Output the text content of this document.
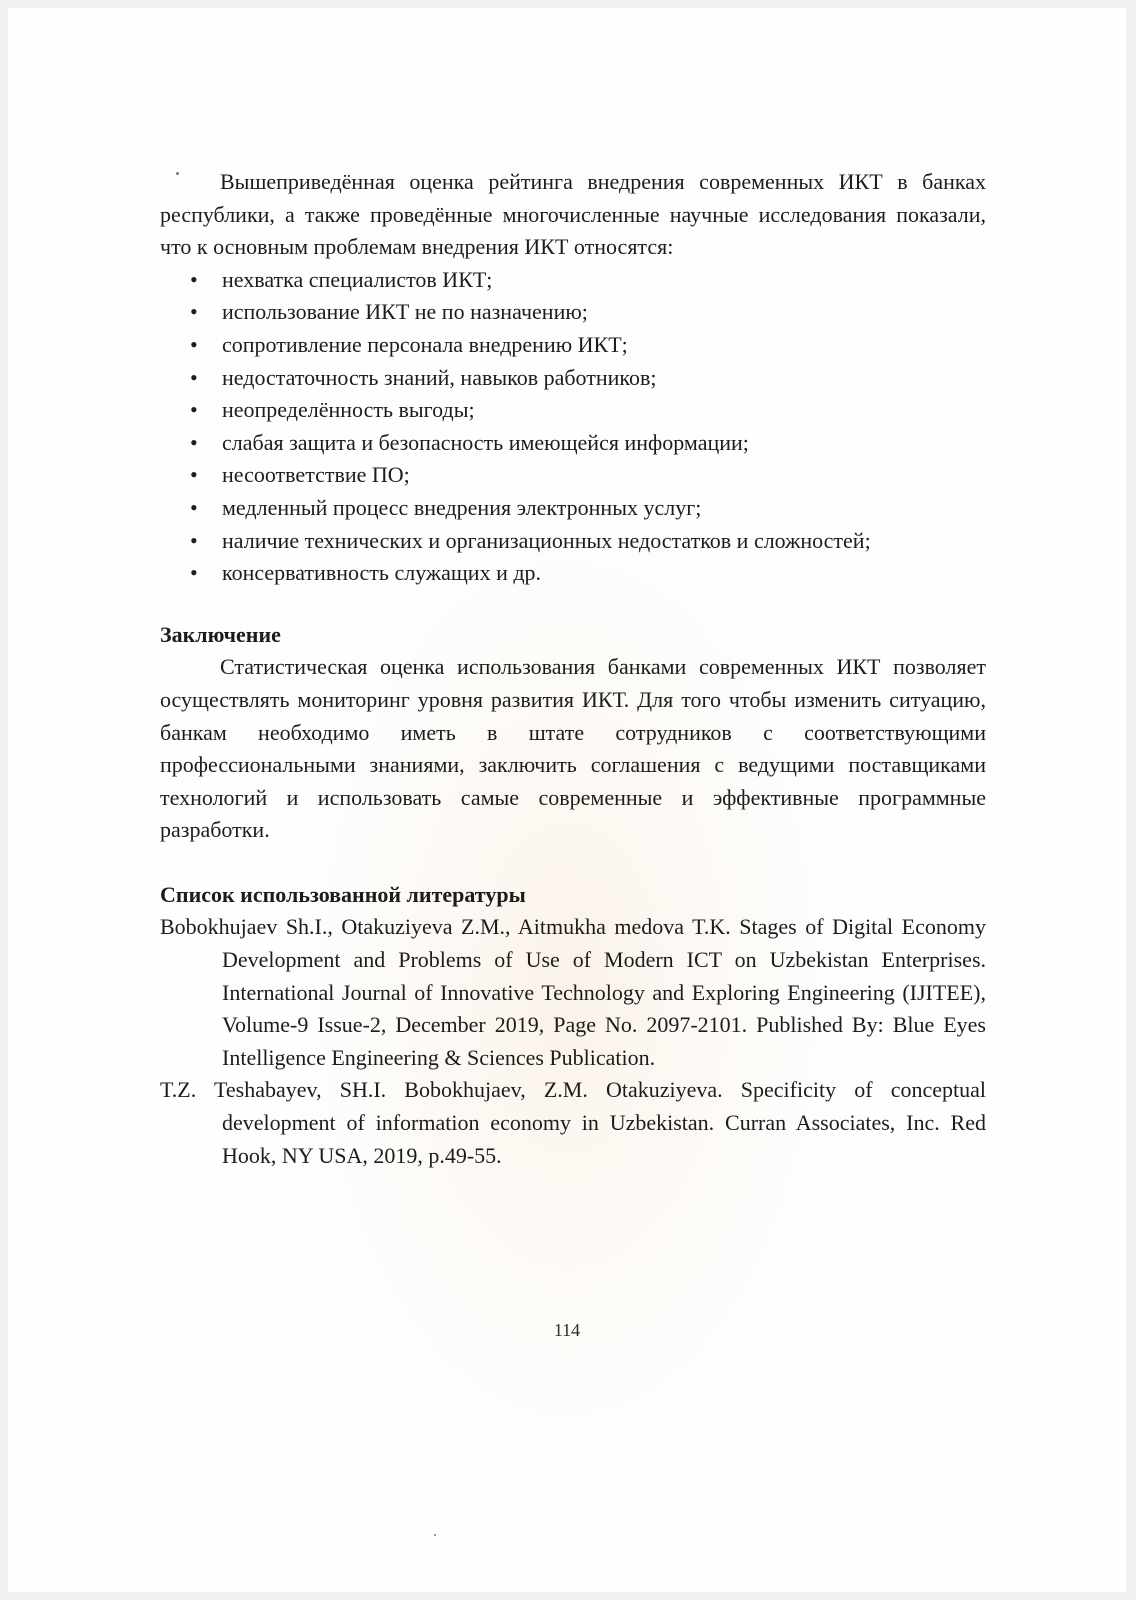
Вышеприведённая оценка рейтинга внедрения современных ИКТ в банках республики, а также проведённые многочисленные научные исследования показали, что к основным проблемам внедрения ИКТ относятся:

• нехватка специалистов ИКТ;
• использование ИКТ не по назначению;
• сопротивление персонала внедрению ИКТ;
• недостаточность знаний, навыков работников;
• неопределённость выгоды;
• слабая защита и безопасность имеющейся информации;
• несоответствие ПО;
• медленный процесс внедрения электронных услуг;
• наличие технических и организационных недостатков и сложностей;
• консервативность служащих и др.
Заключение

Статистическая оценка использования банками современных ИКТ позволяет осуществлять мониторинг уровня развития ИКТ. Для того чтобы изменить ситуацию, банкам необходимо иметь в штате сотрудников с соответствующими профессиональными знаниями, заключить соглашения с ведущими поставщиками технологий и использовать самые современные и эффективные программные разработки.

Список использованной литературы

Bobokhujaev Sh.I., Otakuziyeva Z.M., Aitmukha medova T.K. Stages of Digital Economy Development and Problems of Use of Modern ICT on Uzbekistan Enterprises. International Journal of Innovative Technology and Exploring Engineering (IJITEE), Volume-9 Issue-2, December 2019, Page No. 2097-2101. Published By: Blue Eyes Intelligence Engineering & Sciences Publication.

T.Z. Teshabayev, SH.I. Bobokhujaev, Z.M. Otakuziyeva. Specificity of conceptual development of information economy in Uzbekistan. Curran Associates, Inc. Red Hook, NY USA, 2019, p.49-55.

114
